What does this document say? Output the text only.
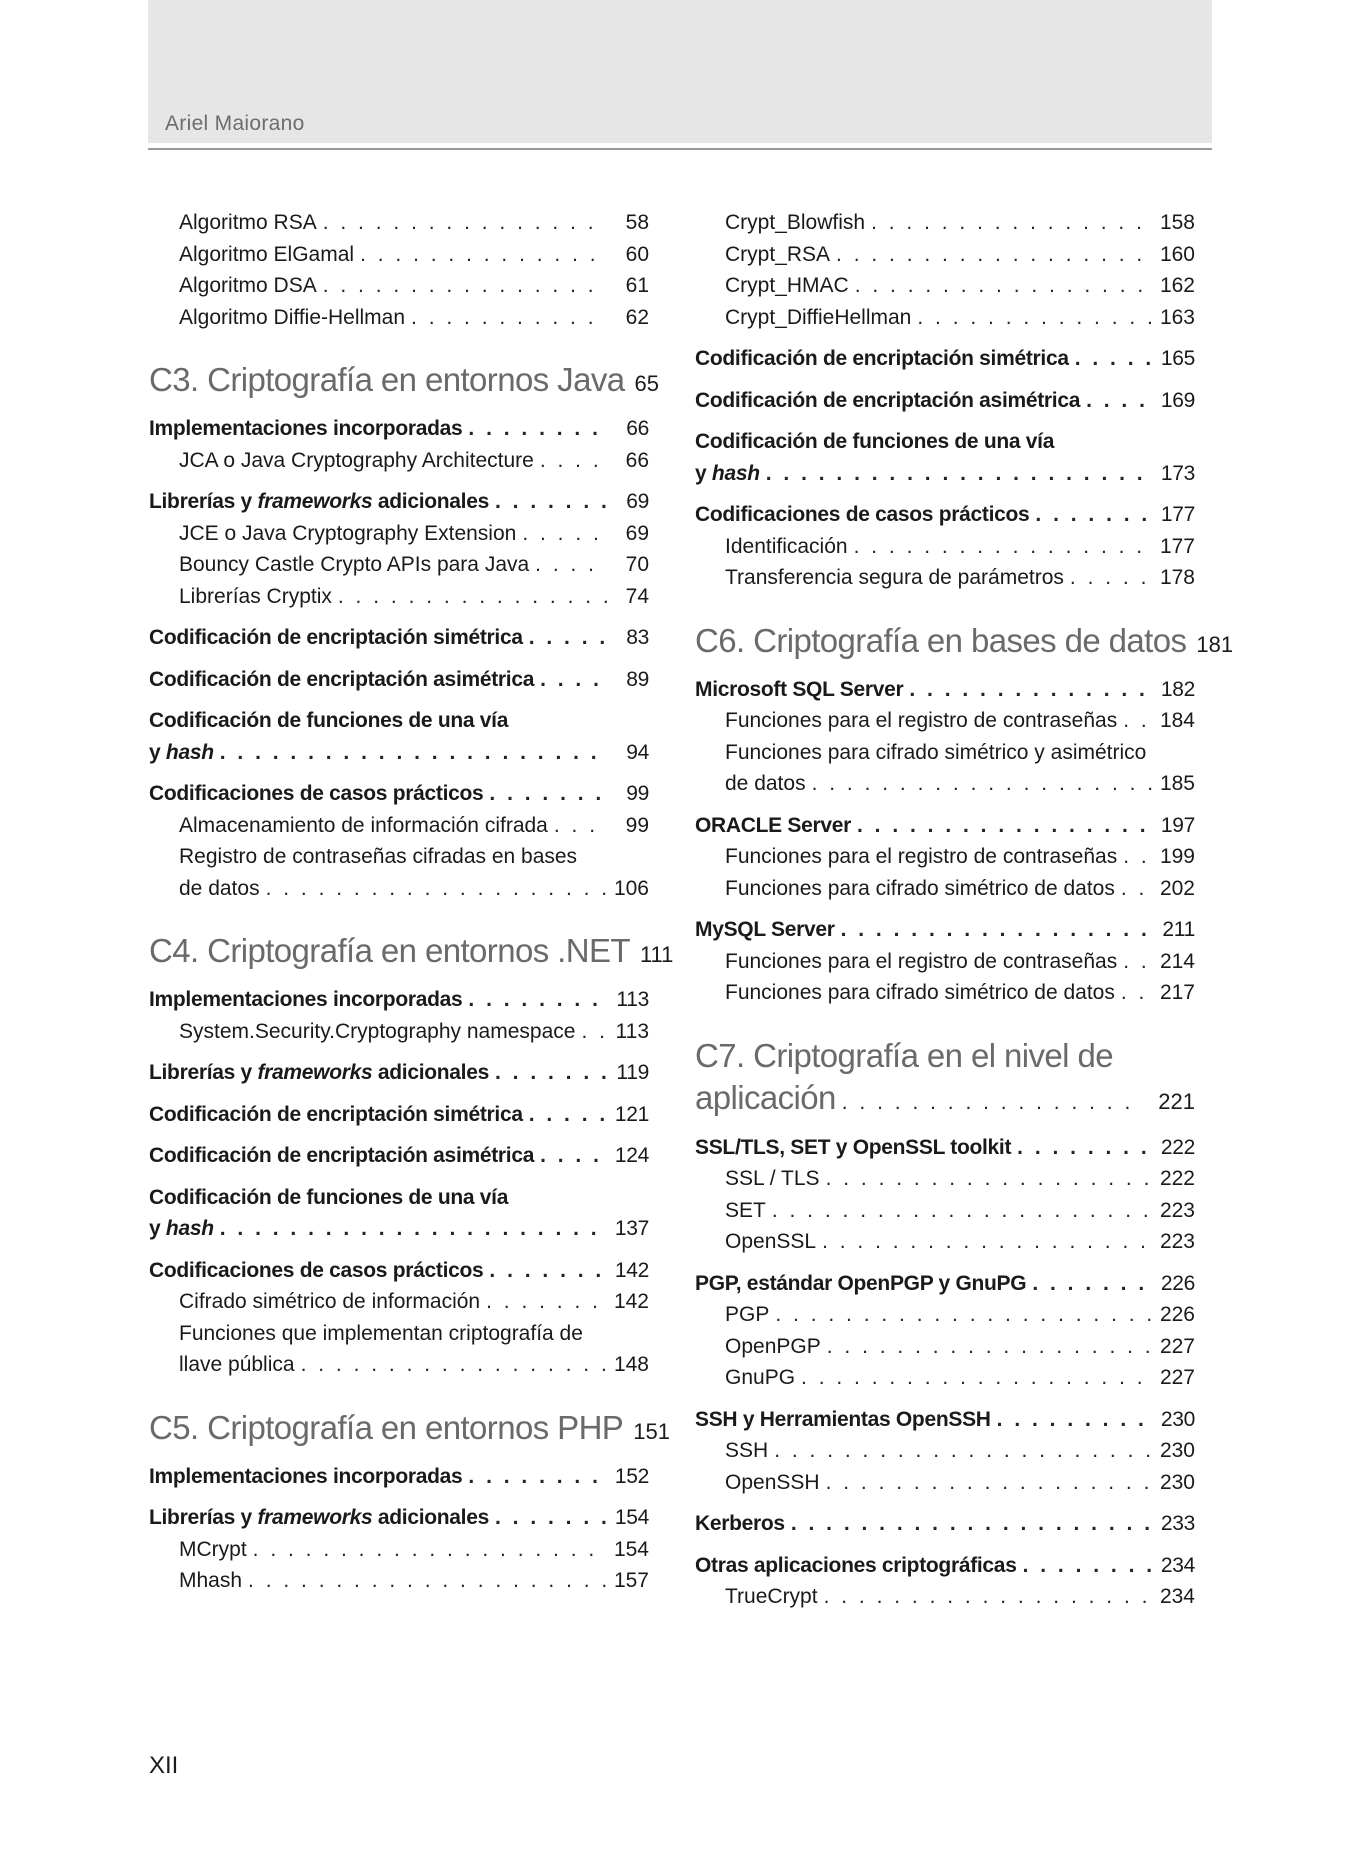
Ariel Maiorano
Algoritmo RSA . . .	58
Algoritmo ElGamal . . .	60
Algoritmo DSA . . .	61
Algoritmo Diffie-Hellman . . .	62
C3. Criptografía en entornos Java 65
Implementaciones incorporadas . . .	66
JCA o Java Cryptography Architecture . . .	66
Librerías y frameworks adicionales . . .	69
JCE o Java Cryptography Extension . . .	69
Bouncy Castle Crypto APIs para Java . . .	70
Librerías Cryptix . . .	74
Codificación de encriptación simétrica . . .	83
Codificación de encriptación asimétrica . . .	89
Codificación de funciones de una vía
y hash . . .	94
Codificaciones de casos prácticos . . .	99
Almacenamiento de información cifrada . . .	99
Registro de contraseñas cifradas en bases
de datos . . .	106
C4. Criptografía en entornos .NET 111
Implementaciones incorporadas . . .	113
System.Security.Cryptography namespace . . . 113
Librerías y frameworks adicionales . . .	119
Codificación de encriptación simétrica . . .	121
Codificación de encriptación asimétrica . . .	124
Codificación de funciones de una vía
y hash . . .	137
Codificaciones de casos prácticos . . .	142
Cifrado simétrico de información . . .	142
Funciones que implementan criptografía de
llave pública . . .	148
C5. Criptografía en entornos PHP 151
Implementaciones incorporadas . . .	152
Librerías y frameworks adicionales . . .	154
MCrypt . . .	154
Mhash . . .	157
Crypt_Blowfish . . .	158
Crypt_RSA . . .	160
Crypt_HMAC . . .	162
Crypt_DiffieHellman . . .	163
Codificación de encriptación simétrica . . .	165
Codificación de encriptación asimétrica . . .	169
Codificación de funciones de una vía
y hash . . .	173
Codificaciones de casos prácticos . . .	177
Identificación . . .	177
Transferencia segura de parámetros . . .	178
C6. Criptografía en bases de datos 181
Microsoft SQL Server . . .	182
Funciones para el registro de contraseñas . . . 184
Funciones para cifrado simétrico y asimétrico
de datos . . .	185
ORACLE Server . . .	197
Funciones para el registro de contraseñas . . . 199
Funciones para cifrado simétrico de datos . . . 202
MySQL Server . . .	211
Funciones para el registro de contraseñas . . . 214
Funciones para cifrado simétrico de datos . . . 217
C7. Criptografía en el nivel de
aplicación . . .	221
SSL/TLS, SET y OpenSSL toolkit . . .	222
SSL / TLS . . .	222
SET . . .	223
OpenSSL . . .	223
PGP, estándar OpenPGP y GnuPG . . .	226
PGP . . .	226
OpenPGP . . .	227
GnuPG . . .	227
SSH y Herramientas OpenSSH . . .	230
SSH . . .	230
OpenSSH . . .	230
Kerberos . . .	233
Otras aplicaciones criptográficas . . .	234
TrueCrypt . . .	234
XII
